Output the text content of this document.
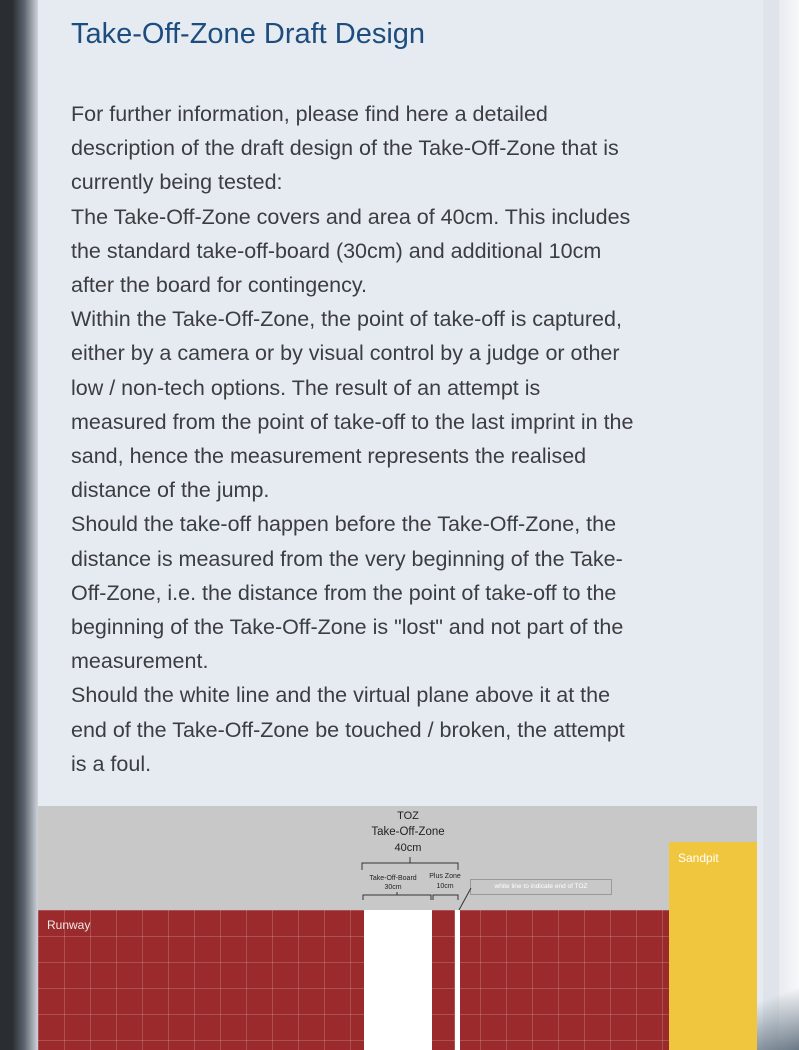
Take-Off-Zone Draft Design

For further information, please find here a detailed

description of the draft design of the Take-Off-Zone that is

currently being tested:

The Take-Off-Zone covers and area of 40cm. This includes

the standard take-off-board (30cm) and additional 10cm

after the board for contingency.

Within the Take-Off-Zone, the point of take-off is captured,

either by a camera or by visual control by a judge or other

low / non-tech options. The result of an attempt is

measured from the point of take-off to the last imprint in the

sand, hence the measurement represents the realised

distance of the jump.

Should the take-off happen before the Take-Off-Zone, the

distance is measured from the very beginning of the Take-

Off-Zone, i.e. the distance from the point of take-off to the

beginning of the Take-Off-Zone is "lost" and not part of the

measurement.

Should the white line and the virtual plane above it at the

end of the Take-Off-Zone be touched / broken, the attempt

is a foul.

Runway
Sandpit
TOZ
Take-Off-Zone
40cm
Take-Off-Board
30cm
Plus Zone
10cm	white line to indicate end of TOZ
